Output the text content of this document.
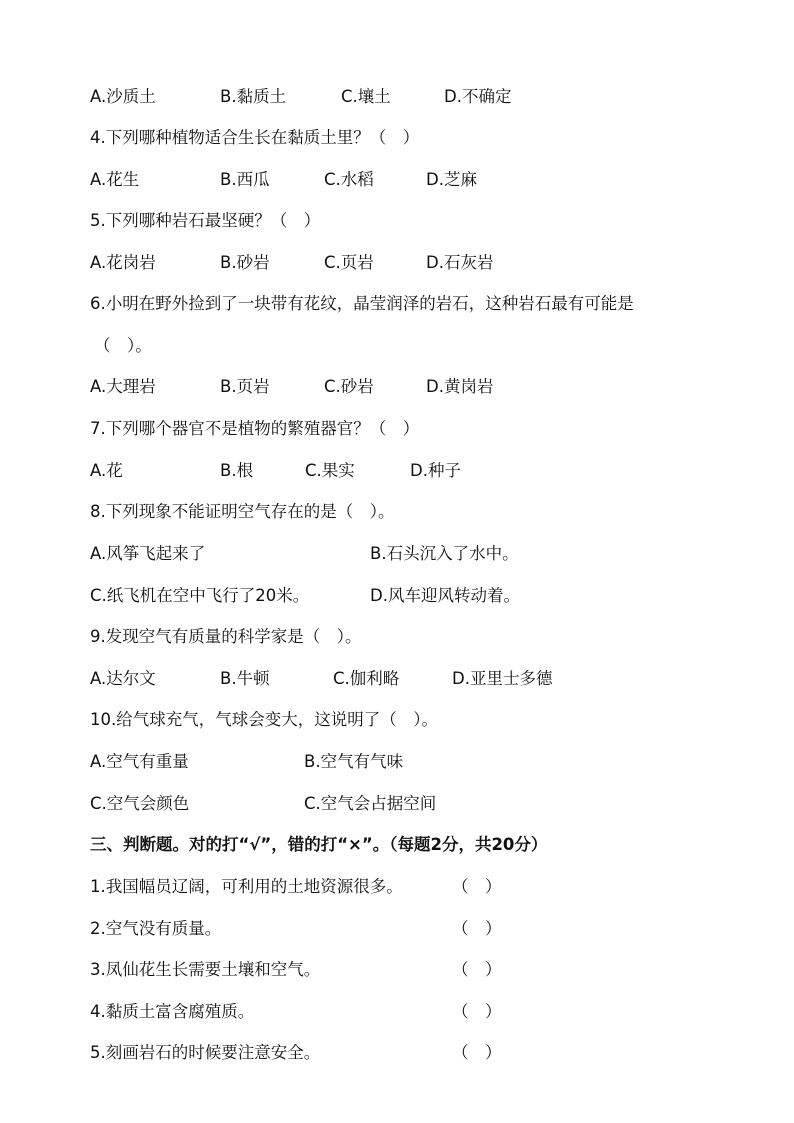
A.沙质土	B.黏质土	C.壤土	D.不确定
4.下列哪种植物适合生长在黏质土里？（　）
A.花生	B.西瓜	C.水稻	D.芝麻
5.下列哪种岩石最坚硬？（　）
A.花岗岩	B.砂岩	C.页岩	D.石灰岩
6.小明在野外捡到了一块带有花纹，晶莹润泽的岩石，这种岩石最有可能是
（　）。
A.大理岩	B.页岩	C.砂岩	D.黄岗岩
7.下列哪个器官不是植物的繁殖器官？（　）
A.花	B.根	C.果实	D.种子
8.下列现象不能证明空气存在的是（　）。
A.风筝飞起来了	B.石头沉入了水中。
C.纸飞机在空中飞行了20米。	D.风车迎风转动着。
9.发现空气有质量的科学家是（　）。
A.达尔文	B.牛顿	C.伽利略	D.亚里士多德
10.给气球充气，气球会变大，这说明了（　）。
A.空气有重量	B.空气有气味
C.空气会颜色	C.空气会占据空间
三、判断题。对的打“√”，错的打“×”。（每题2分，共20分）
1.我国幅员辽阔，可利用的土地资源很多。	（　）
2.空气没有质量。	（　）
3.凤仙花生长需要土壤和空气。	（　）
4.黏质土富含腐殖质。	（　）
5.刻画岩石的时候要注意安全。	（　）
